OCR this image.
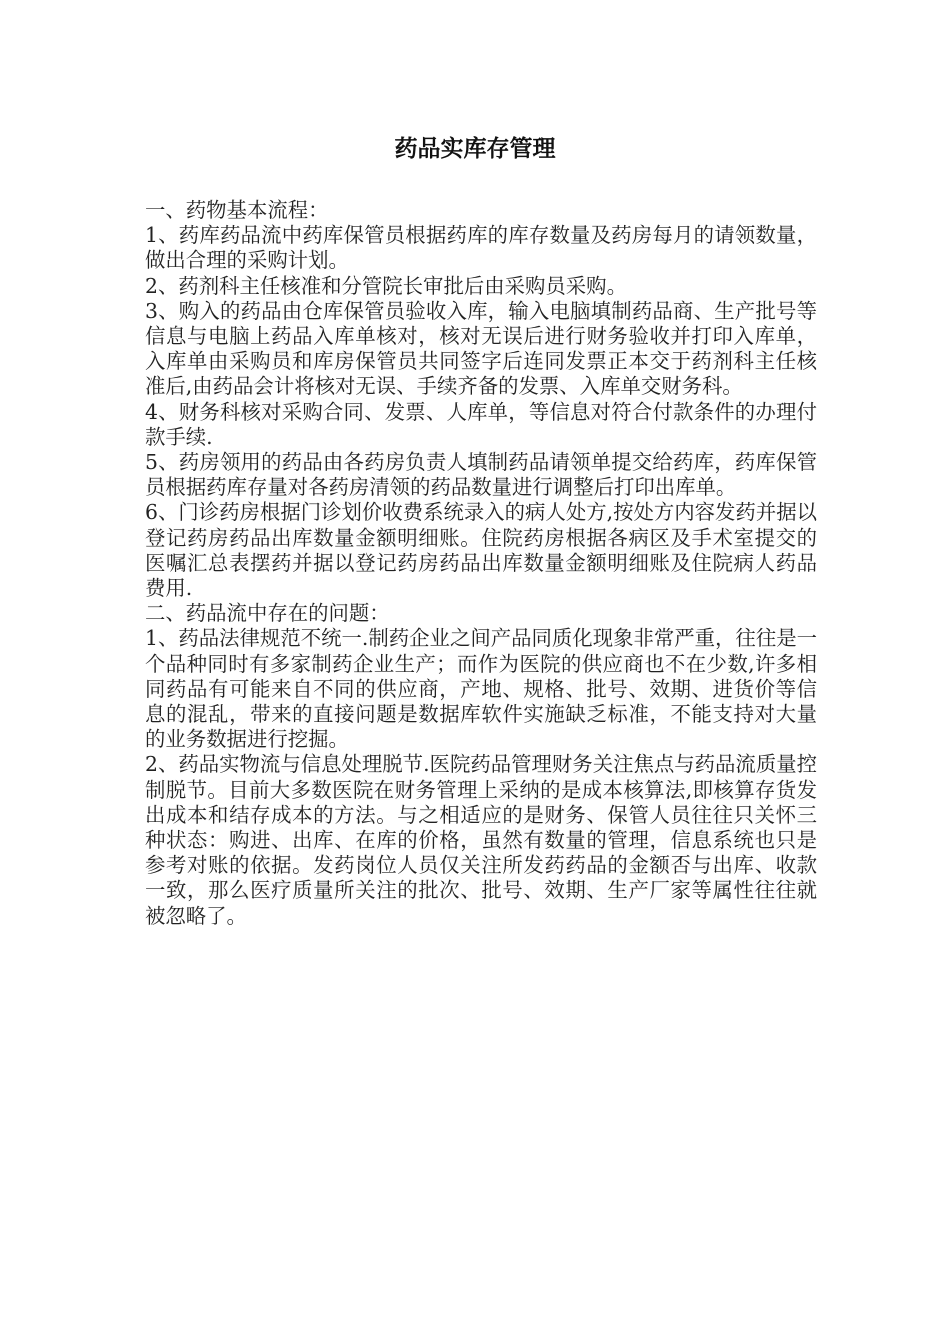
药品实库存管理

一、药物基本流程：

1、药库药品流中药库保管员根据药库的库存数量及药房每月的请领数量，做出合理的采购计划。

2、药剂科主任核准和分管院长审批后由采购员采购。

3、购入的药品由仓库保管员验收入库，输入电脑填制药品商、生产批号等信息与电脑上药品入库单核对，核对无误后进行财务验收并打印入库单，入库单由采购员和库房保管员共同签字后连同发票正本交于药剂科主任核准后,由药品会计将核对无误、手续齐备的发票、入库单交财务科。

4、财务科核对采购合同、发票、人库单，等信息对符合付款条件的办理付款手续.

5、药房领用的药品由各药房负责人填制药品请领单提交给药库，药库保管员根据药库存量对各药房清领的药品数量进行调整后打印出库单。

6、门诊药房根据门诊划价收费系统录入的病人处方,按处方内容发药并据以登记药房药品出库数量金额明细账。住院药房根据各病区及手术室提交的医嘱汇总表摆药并据以登记药房药品出库数量金额明细账及住院病人药品费用.

二、药品流中存在的问题：

1、药品法律规范不统一.制药企业之间产品同质化现象非常严重，往往是一个品种同时有多家制药企业生产；而作为医院的供应商也不在少数,许多相同药品有可能来自不同的供应商，产地、规格、批号、效期、进货价等信息的混乱，带来的直接问题是数据库软件实施缺乏标准，不能支持对大量的业务数据进行挖掘。

2、药品实物流与信息处理脱节.医院药品管理财务关注焦点与药品流质量控制脱节。目前大多数医院在财务管理上采纳的是成本核算法,即核算存货发出成本和结存成本的方法。与之相适应的是财务、保管人员往往只关怀三种状态：购进、出库、在库的价格，虽然有数量的管理，信息系统也只是参考对账的依据。发药岗位人员仅关注所发药药品的金额否与出库、收款一致，那么医疗质量所关注的批次、批号、效期、生产厂家等属性往往就被忽略了。
